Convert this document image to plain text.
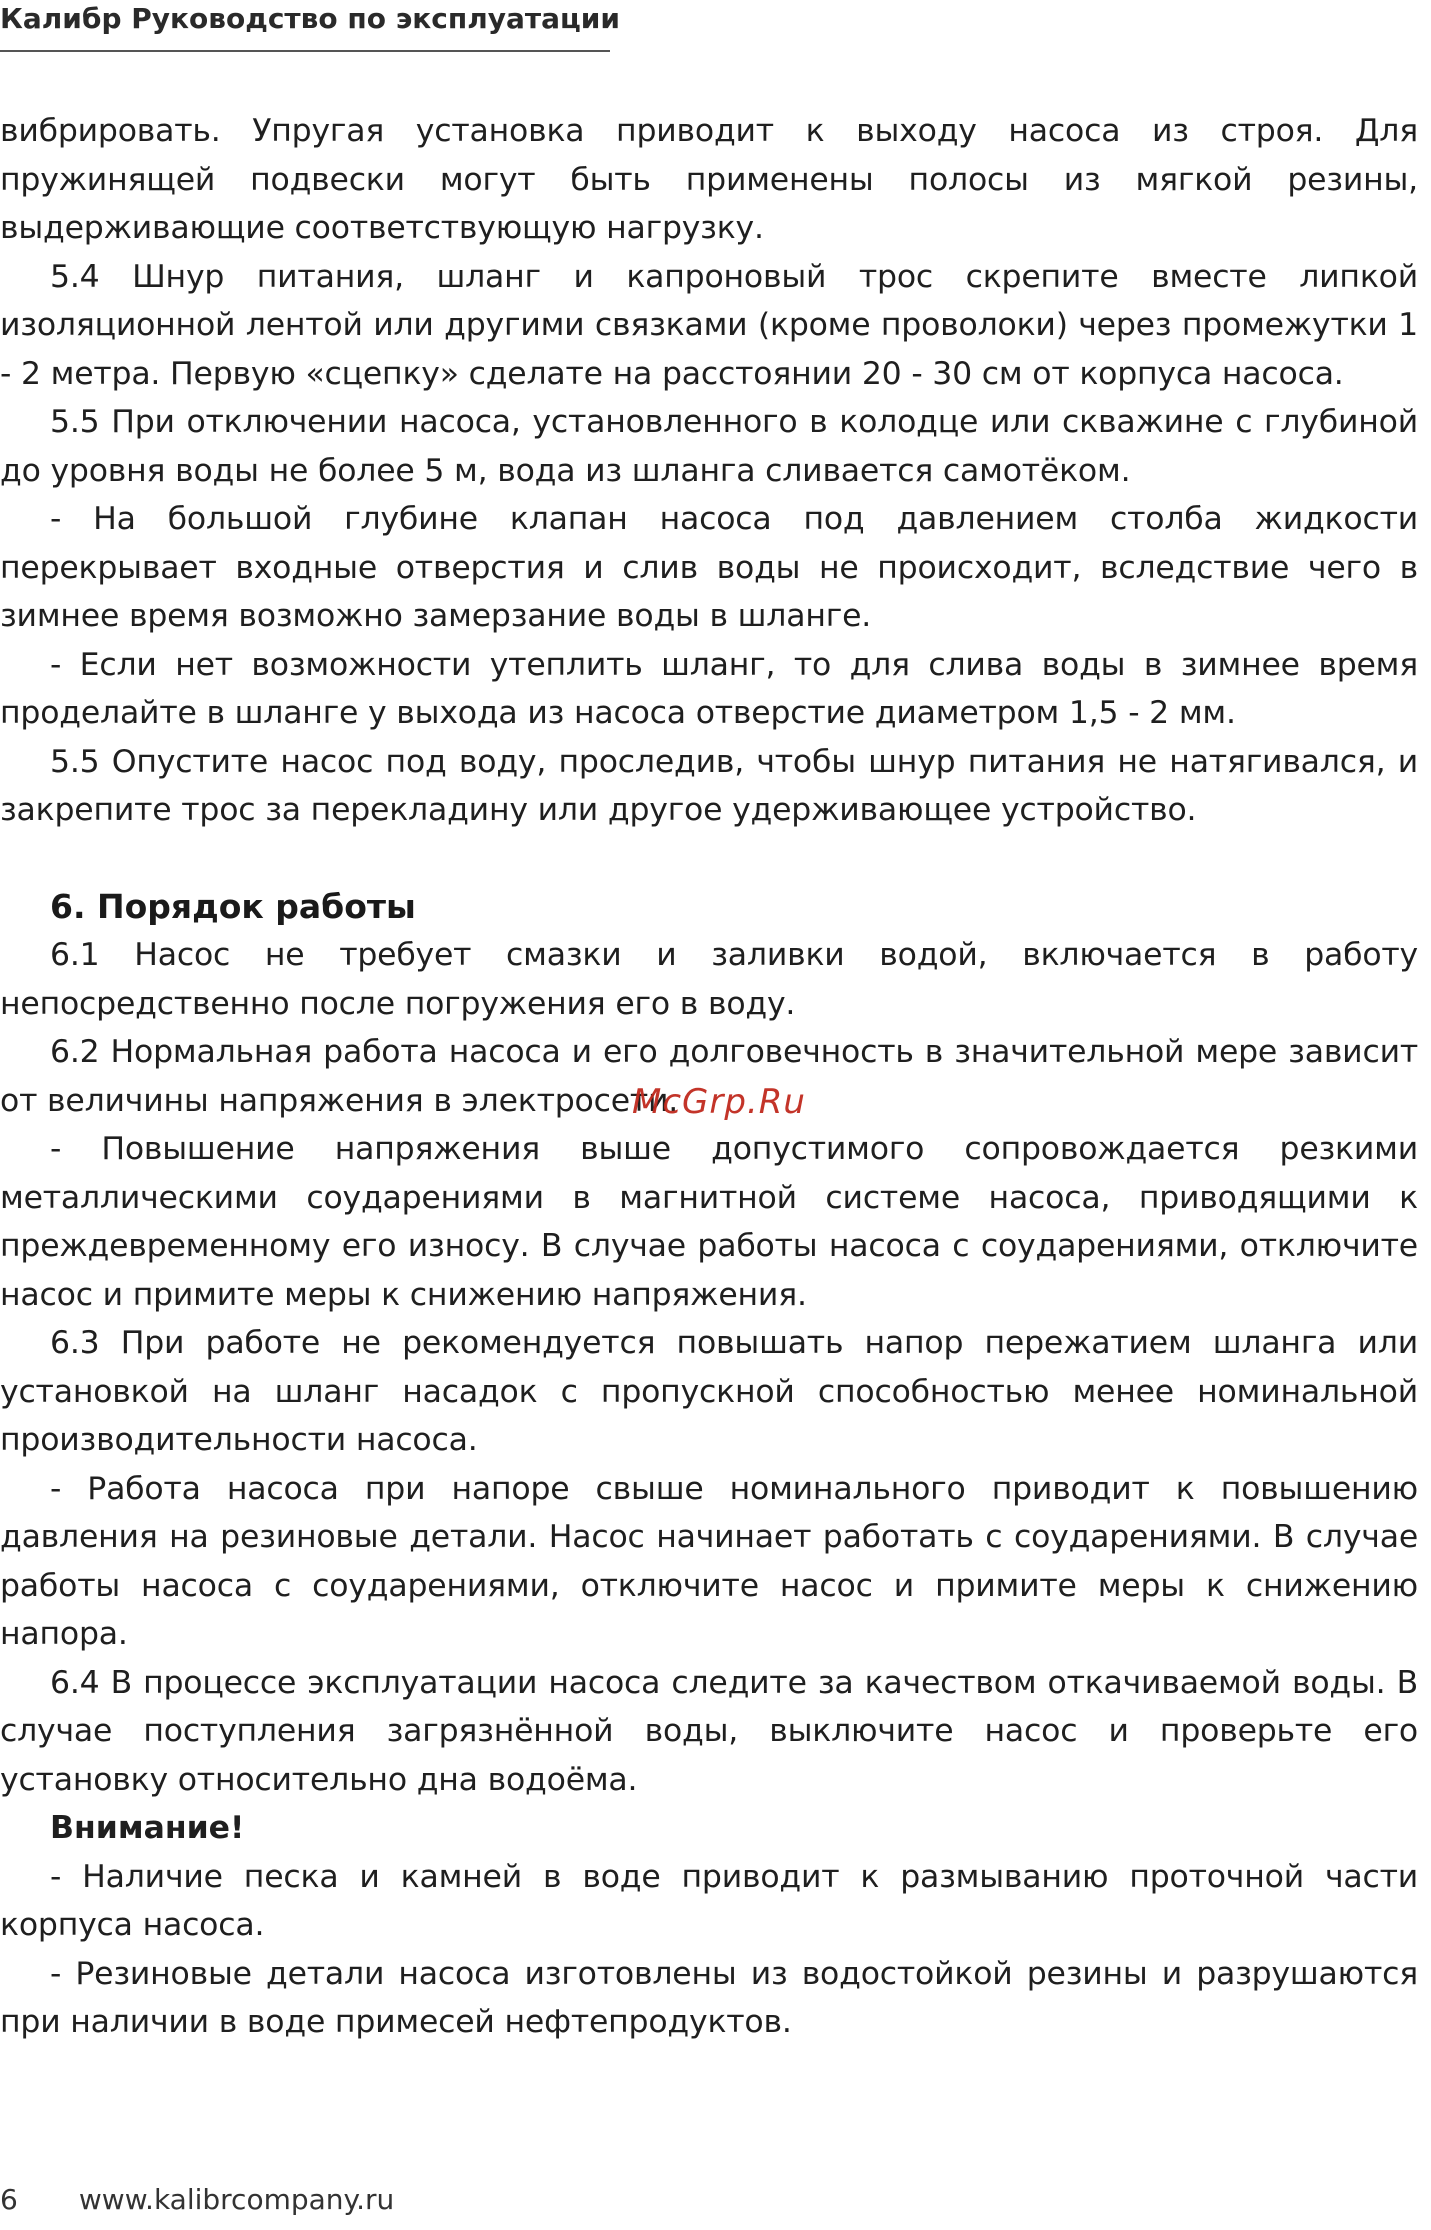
Калибр Руководство по эксплуатации

вибрировать. Упругая установка приводит к выходу насоса из строя. Для пружинящей подвески могут быть применены полосы из мягкой резины, выдерживающие соответствующую нагрузку.

5.4 Шнур питания, шланг и капроновый трос скрепите вместе липкой изоляционной лентой или другими связками (кроме проволоки) через промежутки 1 - 2 метра. Первую «сцепку» сделате на расстоянии 20 - 30 см от корпуса насоса.

5.5 При отключении насоса, установленного в колодце или скважине с глубиной до уровня воды не более 5 м, вода из шланга сливается самотёком.

- На большой глубине клапан насоса под давлением столба жидкости перекрывает входные отверстия и слив воды не происходит, вследствие чего в зимнее время возможно замерзание воды в шланге.

- Если нет возможности утеплить шланг, то для слива воды в зимнее время проделайте в шланге у выхода из насоса отверстие диаметром 1,5 - 2 мм.

5.5 Опустите насос под воду, проследив, чтобы шнур питания не натягивался, и закрепите трос за перекладину или другое удерживающее устройство.

6. Порядок работы

6.1 Насос не требует смазки и заливки водой, включается в работу непосредственно после погружения его в воду.

6.2 Нормальная работа насоса и его долговечность в значительной мере зависит от величины напряжения в электросети.

- Повышение напряжения выше допустимого сопровождается резкими металлическими соударениями в магнитной системе насоса, приводящими к преждевременному его износу. В случае работы насоса с соударениями, отключите насос и примите меры к снижению напряжения.

6.3 При работе не рекомендуется повышать напор пережатием шланга или установкой на шланг насадок с пропускной способностью менее номинальной производительности насоса.

- Работа насоса при напоре свыше номинального приводит к повышению давления на резиновые детали. Насос начинает работать с соударениями. В случае работы насоса с соударениями, отключите насос и примите меры к снижению напора.

6.4 В процессе эксплуатации насоса следите за качеством откачиваемой воды. В случае поступления загрязнённой воды, выключите насос и проверьте его установку относительно дна водоёма.

Внимание!

- Наличие песка и камней в воде приводит к размыванию проточной части корпуса насоса.

- Резиновые детали насоса изготовлены из водостойкой резины и разрушаются при наличии в воде примесей нефтепродуктов.

McGrp.Ru
6 www.kalibrcompany.ru
